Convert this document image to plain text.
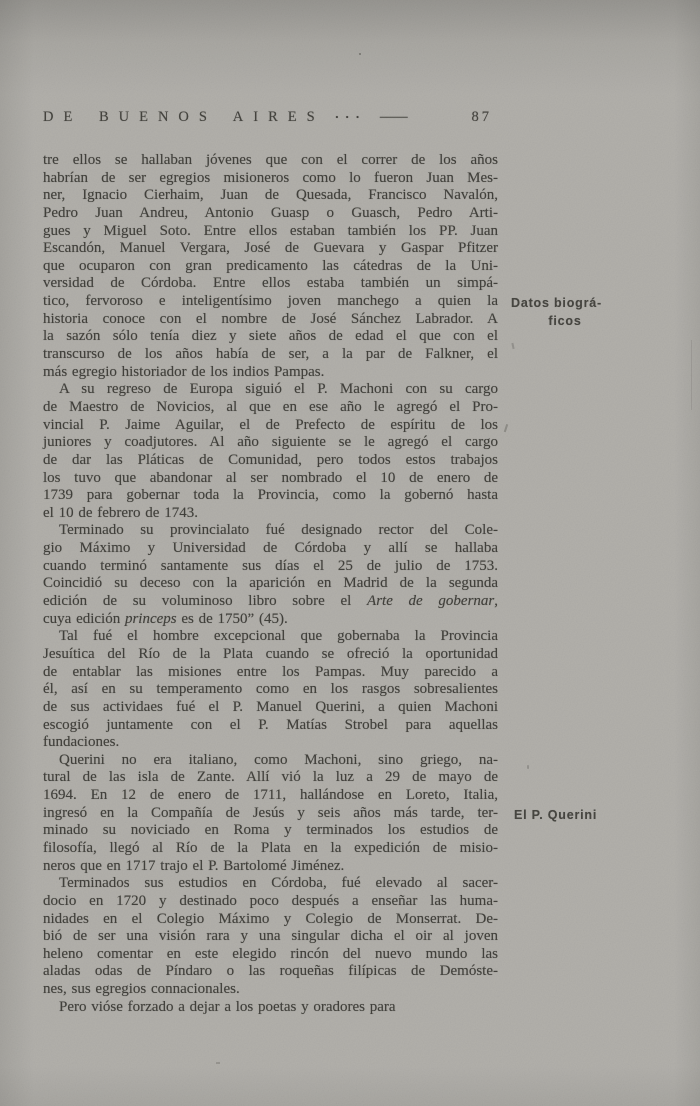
DE BUENOS AIRES ··· —	87
tre ellos se hallaban jóvenes que con el correr de los años
habrían de ser egregios misioneros como lo fueron Juan Mes-
ner, Ignacio Cierhaim, Juan de Quesada, Francisco Navalón,
Pedro Juan Andreu, Antonio Guasp o Guasch, Pedro Arti-
gues y Miguel Soto. Entre ellos estaban también los PP. Juan
Escandón, Manuel Vergara, José de Guevara y Gaspar Pfitzer
que ocuparon con gran predicamento las cátedras de la Uni-
versidad de Córdoba. Entre ellos estaba también un simpá-
tico, fervoroso e inteligentísimo joven manchego a quien la
historia conoce con el nombre de José Sánchez Labrador. A
la sazón sólo tenía diez y siete años de edad el que con el
transcurso de los años había de ser, a la par de Falkner, el
más egregio historiador de los indios Pampas.
A su regreso de Europa siguió el P. Machoni con su cargo
de Maestro de Novicios, al que en ese año le agregó el Pro-
vincial P. Jaime Aguilar, el de Prefecto de espíritu de los
juniores y coadjutores. Al año siguiente se le agregó el cargo
de dar las Pláticas de Comunidad, pero todos estos trabajos
los tuvo que abandonar al ser nombrado el 10 de enero de
1739 para gobernar toda la Provincia, como la gobernó hasta
el 10 de febrero de 1743.
Terminado su provincialato fué designado rector del Cole-
gio Máximo y Universidad de Córdoba y allí se hallaba
cuando terminó santamente sus días el 25 de julio de 1753.
Coincidió su deceso con la aparición en Madrid de la segunda
edición de su voluminoso libro sobre el Arte de gobernar,
cuya edición princeps es de 1750” (45).
Tal fué el hombre excepcional que gobernaba la Provincia
Jesuítica del Río de la Plata cuando se ofreció la oportunidad
de entablar las misiones entre los Pampas. Muy parecido a
él, así en su temperamento como en los rasgos sobresalientes
de sus actividaes fué el P. Manuel Querini, a quien Machoni
escogió juntamente con el P. Matías Strobel para aquellas
fundaciones.
Querini no era italiano, como Machoni, sino griego, na-
tural de las isla de Zante. Allí vió la luz a 29 de mayo de
1694. En 12 de enero de 1711, hallándose en Loreto, Italia,
ingresó en la Compañía de Jesús y seis años más tarde, ter-
minado su noviciado en Roma y terminados los estudios de
filosofía, llegó al Río de la Plata en la expedición de misio-
neros que en 1717 trajo el P. Bartolomé Jiménez.
Terminados sus estudios en Córdoba, fué elevado al sacer-
docio en 1720 y destinado poco después a enseñar las huma-
nidades en el Colegio Máximo y Colegio de Monserrat. De-
bió de ser una visión rara y una singular dicha el oir al joven
heleno comentar en este elegido rincón del nuevo mundo las
aladas odas de Píndaro o las roqueñas filípicas de Demóste-
nes, sus egregios connacionales.
Pero vióse forzado a dejar a los poetas y oradores para
Datos biográ-
ficos
El P. Querini
